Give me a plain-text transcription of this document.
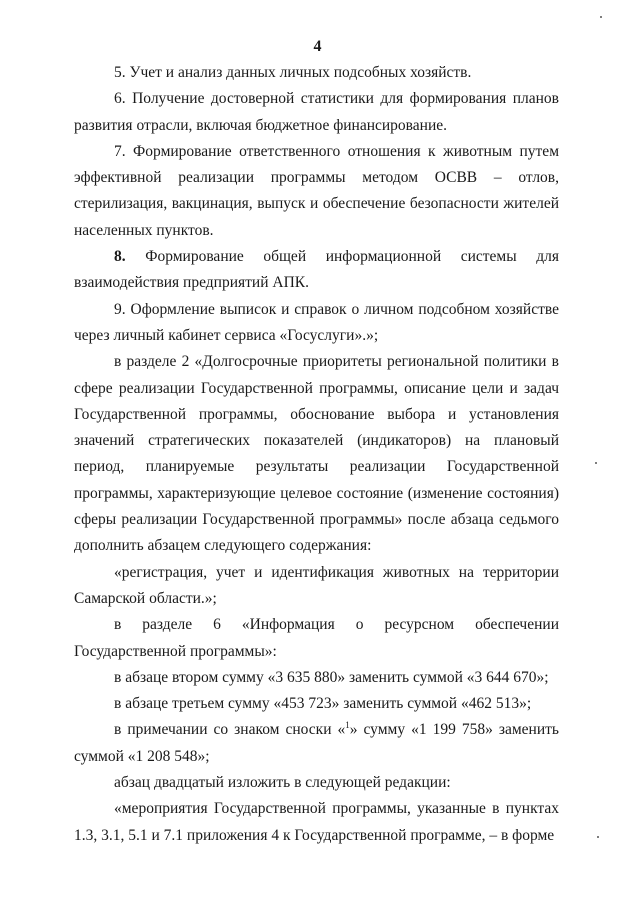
4

5. Учет и анализ данных личных подсобных хозяйств.

6. Получение достоверной статистики для формирования планов развития отрасли, включая бюджетное финансирование.

7. Формирование ответственного отношения к животным путем эффективной реализации программы методом ОСВВ – отлов, стерилизация, вакцинация, выпуск и обеспечение безопасности жителей населенных пунктов.

8. Формирование общей информационной системы для взаимодействия предприятий АПК.

9. Оформление выписок и справок о личном подсобном хозяйстве через личный кабинет сервиса «Госуслуги».»;

в разделе 2 «Долгосрочные приоритеты региональной политики в сфере реализации Государственной программы, описание цели и задач Государственной программы, обоснование выбора и установления значений стратегических показателей (индикаторов) на плановый период, планируемые результаты реализации Государственной программы, характеризующие целевое состояние (изменение состояния) сферы реализации Государственной программы» после абзаца седьмого дополнить абзацем следующего содержания:

«регистрация, учет и идентификация животных на территории Самарской области.»;

в разделе 6 «Информация о ресурсном обеспечении Государственной программы»:

в абзаце втором сумму «3 635 880» заменить суммой «3 644 670»;

в абзаце третьем сумму «453 723» заменить суммой «462 513»;

в примечании со знаком сноски «$^1$» сумму «1 199 758» заменить суммой «1 208 548»;

абзац двадцатый изложить в следующей редакции:

«мероприятия Государственной программы, указанные в пунктах 1.3, 3.1, 5.1 и 7.1 приложения 4 к Государственной программе, – в форме
